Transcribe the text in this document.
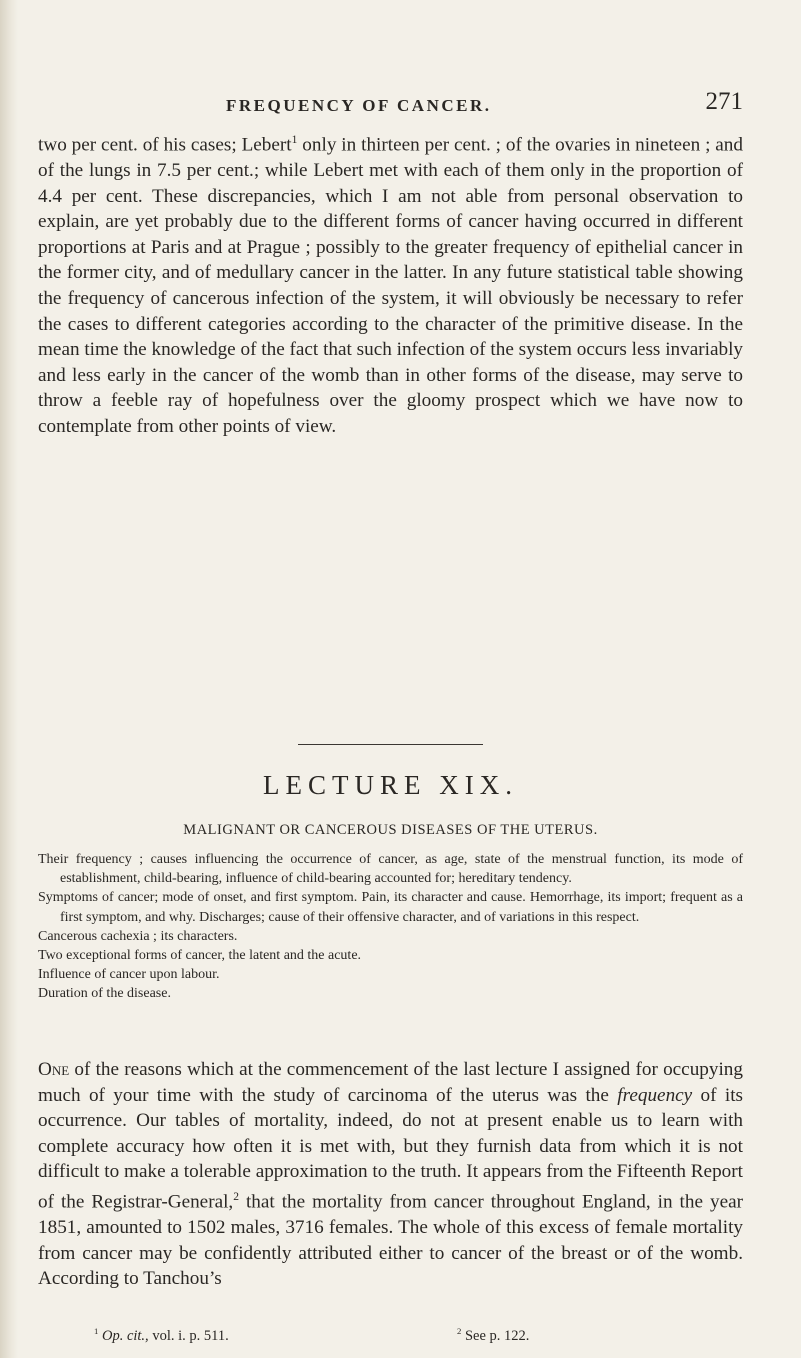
FREQUENCY OF CANCER.	271

two per cent. of his cases; Lebert$^1$ only in thirteen per cent. ; of the ovaries in nineteen ; and of the lungs in 7.5 per cent.; while Lebert met with each of them only in the proportion of 4.4 per cent. These discrepancies, which I am not able from personal observation to explain, are yet probably due to the different forms of cancer having occurred in different proportions at Paris and at Prague ; possibly to the greater frequency of epithelial cancer in the former city, and of medullary cancer in the latter. In any future statistical table showing the frequency of cancerous infection of the system, it will obviously be necessary to refer the cases to different categories according to the character of the primitive disease. In the mean time the knowledge of the fact that such infection of the system occurs less invariably and less early in the cancer of the womb than in other forms of the disease, may serve to throw a feeble ray of hopefulness over the gloomy prospect which we have now to contemplate from other points of view.

LECTURE XIX.
MALIGNANT OR CANCEROUS DISEASES OF THE UTERUS.

Their frequency ; causes influencing the occurrence of cancer, as age, state of the menstrual function, its mode of establishment, child-bearing, influence of child-bearing accounted for; hereditary tendency.

Symptoms of cancer; mode of onset, and first symptom. Pain, its character and cause. Hemorrhage, its import; frequent as a first symptom, and why. Discharges; cause of their offensive character, and of variations in this respect.

Cancerous cachexia ; its characters.

Two exceptional forms of cancer, the latent and the acute.

Influence of cancer upon labour.

Duration of the disease.

One of the reasons which at the commencement of the last lecture I assigned for occupying much of your time with the study of carcinoma of the uterus was the frequency of its occurrence. Our tables of mortality, indeed, do not at present enable us to learn with complete accuracy how often it is met with, but they furnish data from which it is not difficult to make a tolerable approximation to the truth. It appears from the Fifteenth Report of the Registrar-General,$^2$ that the mortality from cancer throughout England, in the year 1851, amounted to 1502 males, 3716 females. The whole of this excess of female mortality from cancer may be confidently attributed either to cancer of the breast or of the womb. According to Tanchou’s

$^1$ Op. cit., vol. i. p. 511.	$^2$ See p. 122.
